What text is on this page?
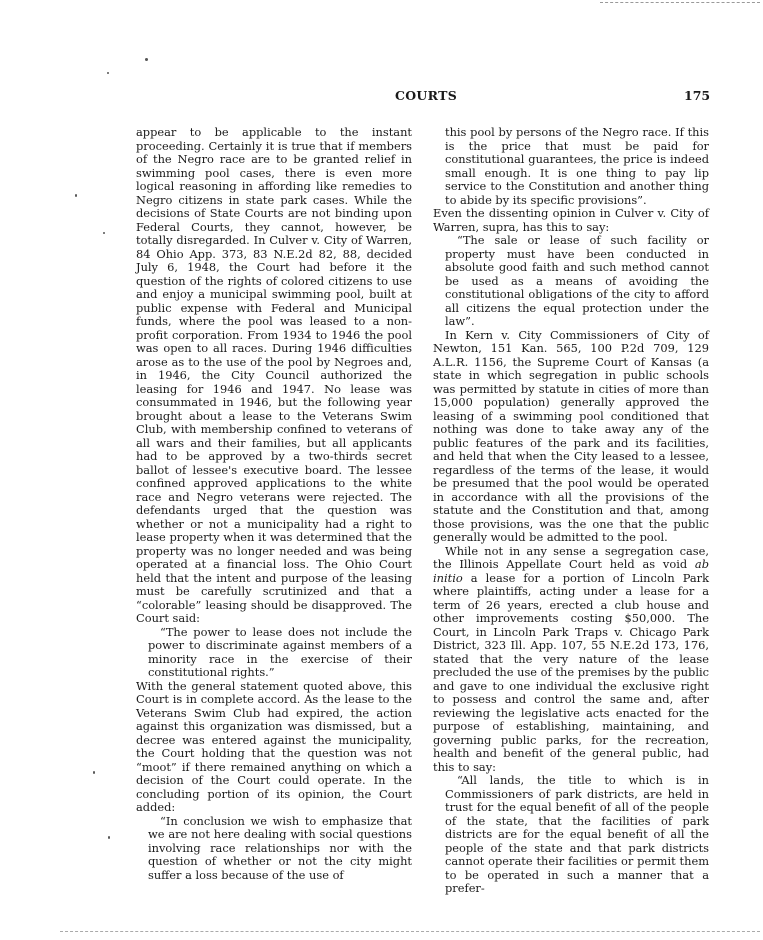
COURTS	175

appear to be applicable to the instant proceeding. Certainly it is true that if members of the Negro race are to be granted relief in swimming pool cases, there is even more logical reasoning in affording like remedies to Negro citizens in state park cases. While the decisions of State Courts are not binding upon Federal Courts, they cannot, however, be totally disregarded. In Culver v. City of Warren, 84 Ohio App. 373, 83 N.E.2d 82, 88, decided July 6, 1948, the Court had before it the question of the rights of colored citizens to use and enjoy a municipal swimming pool, built at public expense with Federal and Municipal funds, where the pool was leased to a non-profit corporation. From 1934 to 1946 the pool was open to all races. During 1946 difficulties arose as to the use of the pool by Negroes and, in 1946, the City Council authorized the leasing for 1946 and 1947. No lease was consummated in 1946, but the following year brought about a lease to the Veterans Swim Club, with membership confined to veterans of all wars and their families, but all applicants had to be approved by a two-thirds secret ballot of lessee's executive board. The lessee confined approved applications to the white race and Negro veterans were rejected. The defendants urged that the question was whether or not a municipality had a right to lease property when it was determined that the property was no longer needed and was being operated at a financial loss. The Ohio Court held that the intent and purpose of the leasing must be carefully scrutinized and that a “colorable” leasing should be disapproved. The Court said:

“The power to lease does not include the power to discriminate against members of a minority race in the exercise of their constitutional rights.”

With the general statement quoted above, this Court is in complete accord. As the lease to the Veterans Swim Club had expired, the action against this organization was dismissed, but a decree was entered against the municipality, the Court holding that the question was not “moot” if there remained anything on which a decision of the Court could operate. In the concluding portion of its opinion, the Court added:

“In conclusion we wish to emphasize that we are not here dealing with social questions involving race relationships nor with the question of whether or not the city might suffer a loss because of the use of

this pool by persons of the Negro race. If this is the price that must be paid for constitutional guarantees, the price is indeed small enough. It is one thing to pay lip service to the Constitution and another thing to abide by its specific provisions”.

Even the dissenting opinion in Culver v. City of Warren, supra, has this to say:

“The sale or lease of such facility or property must have been conducted in absolute good faith and such method cannot be used as a means of avoiding the constitutional obligations of the city to afford all citizens the equal protection under the law”.

In Kern v. City Commissioners of City of Newton, 151 Kan. 565, 100 P.2d 709, 129 A.L.R. 1156, the Supreme Court of Kansas (a state in which segregation in public schools was permitted by statute in cities of more than 15,000 population) generally approved the leasing of a swimming pool conditioned that nothing was done to take away any of the public features of the park and its facilities, and held that when the City leased to a lessee, regardless of the terms of the lease, it would be presumed that the pool would be operated in accordance with all the provisions of the statute and the Constitution and that, among those provisions, was the one that the public generally would be admitted to the pool.

While not in any sense a segregation case, the Illinois Appellate Court held as void ab initio a lease for a portion of Lincoln Park where plaintiffs, acting under a lease for a term of 26 years, erected a club house and other improvements costing $50,000. The Court, in Lincoln Park Traps v. Chicago Park District, 323 Ill. App. 107, 55 N.E.2d 173, 176, stated that the very nature of the lease precluded the use of the premises by the public and gave to one individual the exclusive right to possess and control the same and, after reviewing the legislative acts enacted for the purpose of establishing, maintaining, and governing public parks, for the recreation, health and benefit of the general public, had this to say:

“All lands, the title to which is in Commissioners of park districts, are held in trust for the equal benefit of all of the people of the state, that the facilities of park districts are for the equal benefit of all the people of the state and that park districts cannot operate their facilities or permit them to be operated in such a manner that a prefer-
